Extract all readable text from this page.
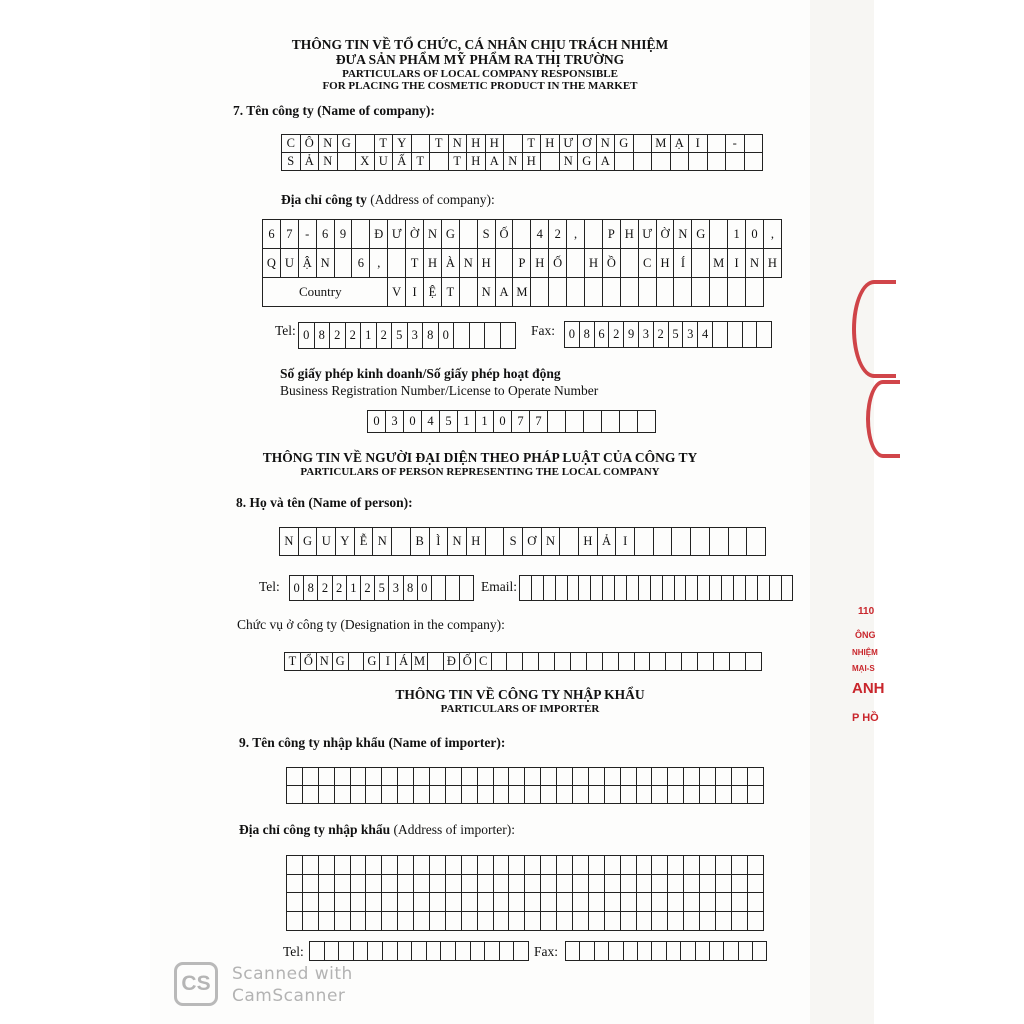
THÔNG TIN VỀ TỔ CHỨC, CÁ NHÂN CHỊU TRÁCH NHIỆM
ĐƯA SẢN PHẨM MỸ PHẨM RA THỊ TRƯỜNG
PARTICULARS OF LOCAL COMPANY RESPONSIBLE
FOR PLACING THE COSMETIC PRODUCT IN THE MARKET
7. Tên công ty (Name of company):
C Ô N G	T Y	T N H H	T H Ư Ơ N G	M Ạ I	-
S Ả N	X U Ấ T	T H A N H	N G A
Địa chỉ công ty (Address of company):
6 7	-	6 9	Đ Ư Ờ N G	S Ố	4 2	,	P H Ư Ờ N G	1 0	,
Q U Ậ N	6	,	T H À N H	P H Ố	H Ồ	C H Í	M I N H
Country	V I Ệ T	N A M
Tel: 0 8 2 2 1 2 5 3 8 0	Fax:	0 8 6 2 9 3 2 5 3 4
Số giấy phép kinh doanh/Số giấy phép hoạt động
Business Registration Number/License to Operate Number
0 3 0 4 5 1 1 0 7 7
THÔNG TIN VỀ NGƯỜI ĐẠI DIỆN THEO PHÁP LUẬT CỦA CÔNG TY
PARTICULARS OF PERSON REPRESENTING THE LOCAL COMPANY
8. Họ và tên (Name of person):
N G U Y Ễ N	B Ì N H	S Ơ N	H Ả I
Tel: 0 8 2 2 1 2 5 3 8 0	Email:
Chức vụ ở công ty (Designation in the company):
T Ổ N G	G I Á M Đ Ố C
THÔNG TIN VỀ CÔNG TY NHẬP KHẨU
PARTICULARS OF IMPORTER
9. Tên công ty nhập khẩu (Name of importer):
Địa chỉ công ty nhập khẩu (Address of importer):
Tel:	Fax:
110
ÔNG
NHIỆM
MẠI-S
ANH
P HỒ
CS	Scanned with
CamScanner
